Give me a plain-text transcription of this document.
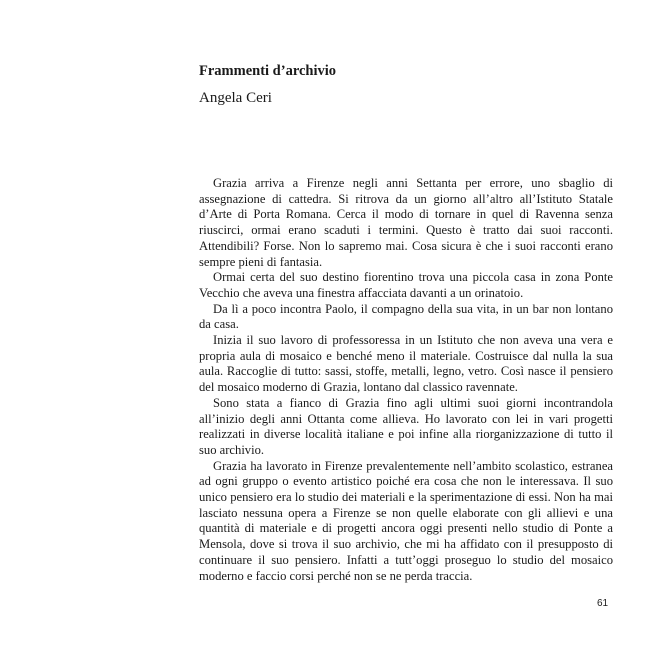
Frammenti d’archivio
Angela Ceri

Grazia arriva a Firenze negli anni Settanta per errore, uno sbaglio di assegnazione di cattedra. Si ritrova da un giorno all’altro all’Istituto Statale d’Arte di Porta Romana. Cerca il modo di tornare in quel di Ravenna senza riuscirci, ormai erano scaduti i termini. Questo è tratto dai suoi racconti. Attendibili? Forse. Non lo sapremo mai. Cosa sicura è che i suoi racconti erano sempre pieni di fantasia.

Ormai certa del suo destino fiorentino trova una piccola casa in zona Ponte Vecchio che aveva una finestra affacciata davanti a un orinatoio.

Da lì a poco incontra Paolo, il compagno della sua vita, in un bar non lontano da casa.

Inizia il suo lavoro di professoressa in un Istituto che non aveva una vera e propria aula di mosaico e benché meno il materiale. Costruisce dal nulla la sua aula. Raccoglie di tutto: sassi, stoffe, metalli, legno, vetro. Così nasce il pensiero del mosaico moderno di Grazia, lontano dal classico ravennate.

Sono stata a fianco di Grazia fino agli ultimi suoi giorni incontrandola all’inizio degli anni Ottanta come allieva. Ho lavorato con lei in vari progetti realizzati in diverse località italiane e poi infine alla riorganizzazione di tutto il suo archivio.

Grazia ha lavorato in Firenze prevalentemente nell’ambito scolastico, estranea ad ogni gruppo o evento artistico poiché era cosa che non le interessava. Il suo unico pensiero era lo studio dei materiali e la sperimentazione di essi. Non ha mai lasciato nessuna opera a Firenze se non quelle elaborate con gli allievi e una quantità di materiale e di progetti ancora oggi presenti nello studio di Ponte a Mensola, dove si trova il suo archivio, che mi ha affidato con il presupposto di continuare il suo pensiero. Infatti a tutt’oggi proseguo lo studio del mosaico moderno e faccio corsi perché non se ne perda traccia.

61
